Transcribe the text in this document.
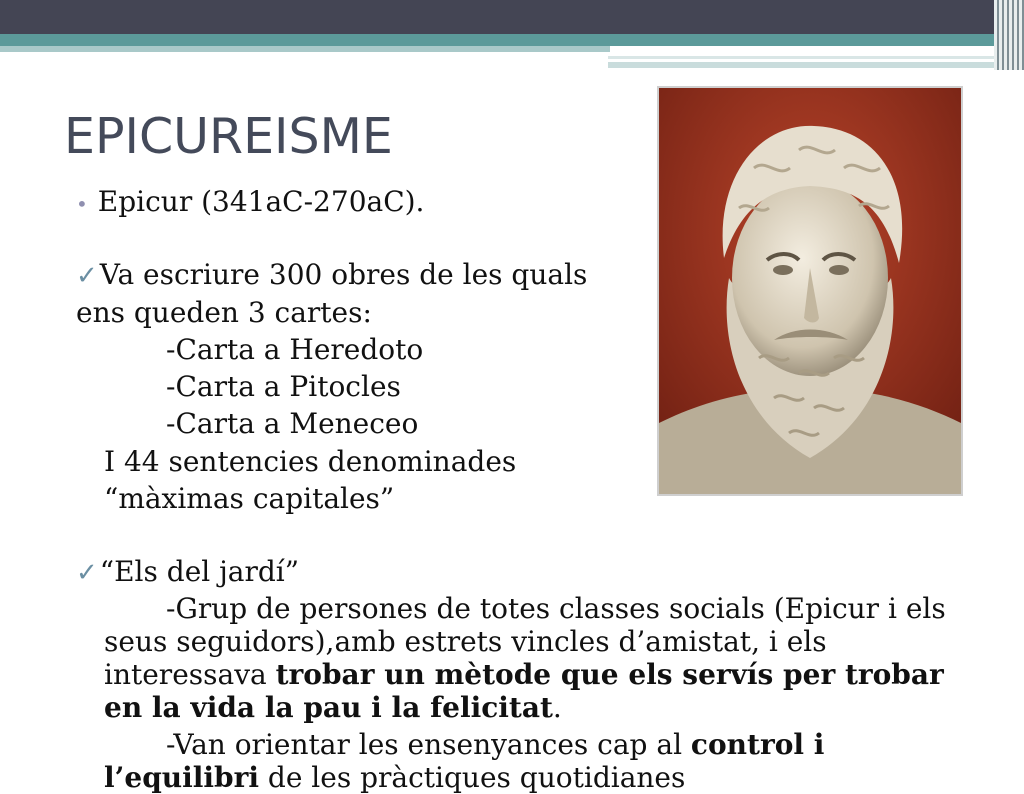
EPICUREISME
• Epicur (341aC-270aC).
✓Va escriure 300 obres de les quals
ens queden 3 cartes:
-Carta a Heredoto
-Carta a Pitocles
-Carta a Meneceo
I 44 sentencies denominades
“màximas capitales”
✓“Els del jardí”
-Grup de persones de totes classes socials (Epicur i els seus seguidors),amb estrets vincles d’amistat, i els interessava trobar un mètode que els servís per trobar en la vida la pau i la felicitat.
-Van orientar les ensenyances cap al control i l’equilibri de les pràctiques quotidianes
